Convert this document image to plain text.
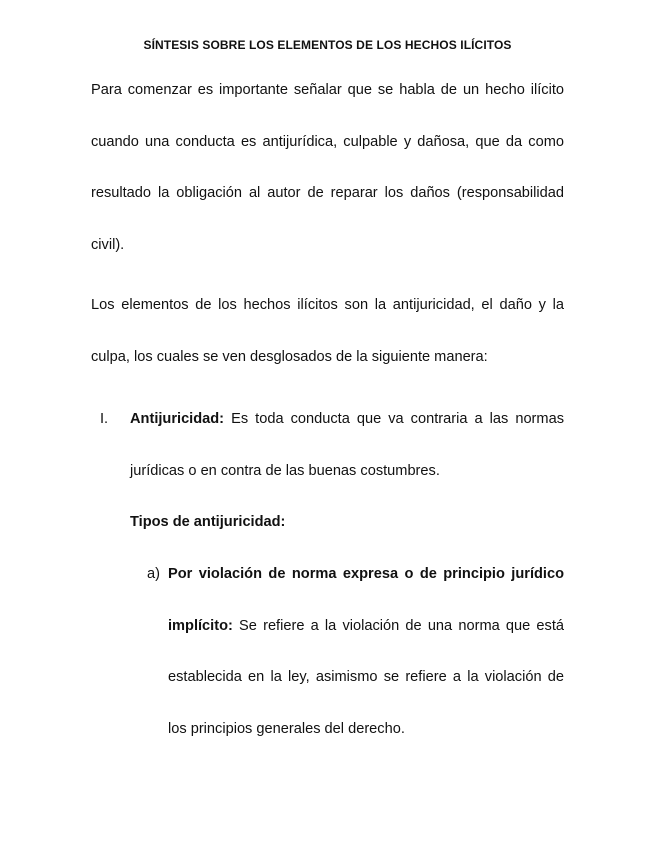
SÍNTESIS SOBRE LOS ELEMENTOS DE LOS HECHOS ILÍCITOS

Para comenzar es importante señalar que se habla de un hecho ilícito cuando una conducta es antijurídica, culpable y dañosa, que da como resultado la obligación al autor de reparar los daños (responsabilidad civil).

Los elementos de los hechos ilícitos son la antijuricidad, el daño y la culpa, los cuales se ven desglosados de la siguiente manera:

I. Antijuricidad: Es toda conducta que va contraria a las normas jurídicas o en contra de las buenas costumbres.

Tipos de antijuricidad:

a) Por violación de norma expresa o de principio jurídico implícito: Se refiere a la violación de una norma que está establecida en la ley, asimismo se refiere a la violación de los principios generales del derecho.
